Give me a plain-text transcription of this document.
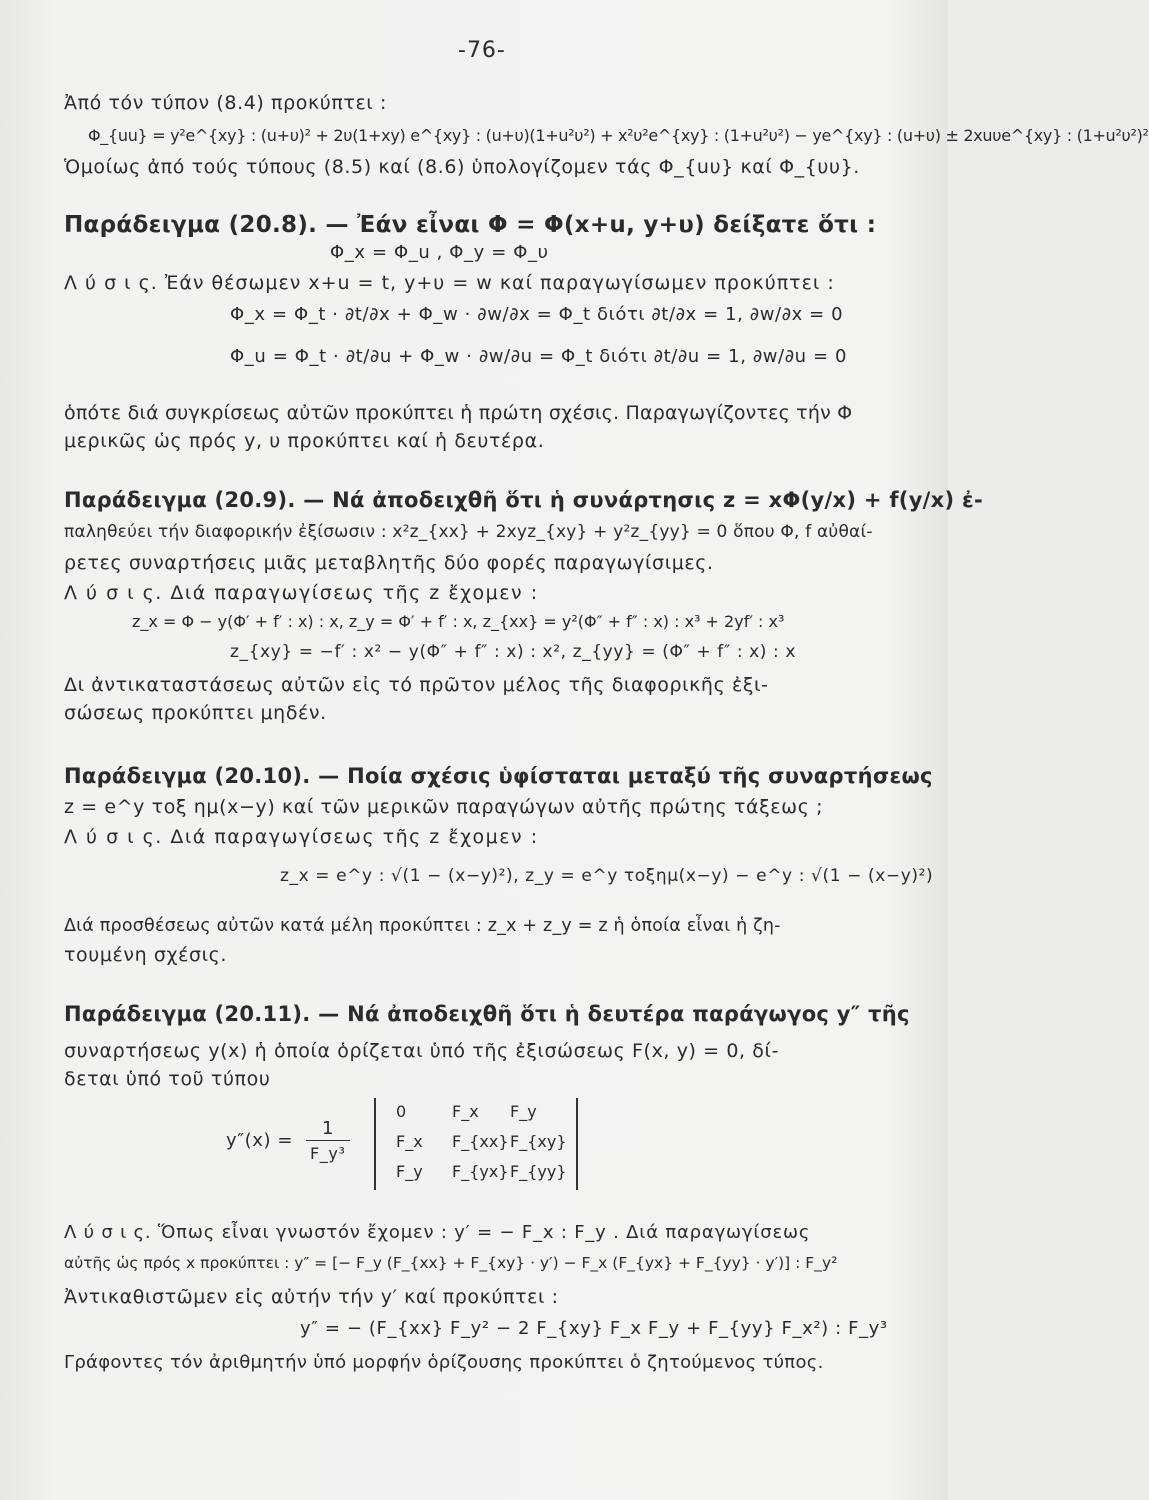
-76-
Ἀπό τόν τύπον (8.4) προκύπτει :
Φ_{uu} = y²e^{xy} : (u+υ)² + 2υ(1+xy) e^{xy} : (u+υ)(1+u²υ²) + x²υ²e^{xy} : (1+u²υ²) − ye^{xy} : (u+υ) ± 2xuυe^{xy} : (1+u²υ²)²
Ὁμοίως ἀπό τούς τύπους (8.5) καί (8.6) ὑπολογίζομεν τάς Φ_{uυ} καί Φ_{υυ}.
Παράδειγμα (20.8). — Ἐάν εἶναι Φ = Φ(x+u, y+υ) δείξατε ὅτι :
Φ_x = Φ_u , Φ_y = Φ_υ
Λ ύ σ ι ς. Ἐάν θέσωμεν x+u = t, y+υ = w καί παραγωγίσωμεν προκύπτει :
Φ_x = Φ_t · ∂t/∂x + Φ_w · ∂w/∂x = Φ_t διότι ∂t/∂x = 1, ∂w/∂x = 0
Φ_u = Φ_t · ∂t/∂u + Φ_w · ∂w/∂u = Φ_t διότι ∂t/∂u = 1, ∂w/∂u = 0
ὁπότε διά συγκρίσεως αὐτῶν προκύπτει ἡ πρώτη σχέσις. Παραγωγίζοντες τήν Φ
μερικῶς ὡς πρός y, υ προκύπτει καί ἡ δευτέρα.
Παράδειγμα (20.9). — Νά ἀποδειχθῆ ὅτι ἡ συνάρτησις z = xΦ(y/x) + f(y/x) ἐ-
παληθεύει τήν διαφορικήν ἐξίσωσιν : x²z_{xx} + 2xyz_{xy} + y²z_{yy} = 0 ὅπου Φ, f αὐθαί-
ρετες συναρτήσεις μιᾶς μεταβλητῆς δύο φορές παραγωγίσιμες.
Λ ύ σ ι ς. Διά παραγωγίσεως τῆς z ἔχομεν :
z_x = Φ − y(Φ′ + f′ : x) : x, z_y = Φ′ + f′ : x, z_{xx} = y²(Φ″ + f″ : x) : x³ + 2yf′ : x³
z_{xy} = −f′ : x² − y(Φ″ + f″ : x) : x², z_{yy} = (Φ″ + f″ : x) : x
Δι ἀντικαταστάσεως αὐτῶν εἰς τό πρῶτον μέλος τῆς διαφορικῆς ἐξι-
σώσεως προκύπτει μηδέν.
Παράδειγμα (20.10). — Ποία σχέσις ὑφίσταται μεταξύ τῆς συναρτήσεως
z = e^y τοξ ημ(x−y) καί τῶν μερικῶν παραγώγων αὐτῆς πρώτης τάξεως ;
Λ ύ σ ι ς. Διά παραγωγίσεως τῆς z ἔχομεν :
z_x = e^y : √(1 − (x−y)²), z_y = e^y τοξημ(x−y) − e^y : √(1 − (x−y)²)
Διά προσθέσεως αὐτῶν κατά μέλη προκύπτει : z_x + z_y = z ἡ ὁποία εἶναι ἡ ζη-
τουμένη σχέσις.
Παράδειγμα (20.11). — Νά ἀποδειχθῆ ὅτι ἡ δευτέρα παράγωγος y″ τῆς
συναρτήσεως y(x) ἡ ὁποία ὁρίζεται ὑπό τῆς ἐξισώσεως F(x, y) = 0, δί-
δεται ὑπό τοῦ τύπου
y″(x) =
1
F_y³
0	F_x F_y
F_x F_{xx} F_{xy}
F_y F_{yx} F_{yy}
Λ ύ σ ι ς. Ὅπως εἶναι γνωστόν ἔχομεν : y′ = − F_x : F_y . Διά παραγωγίσεως
αὐτῆς ὡς πρός x προκύπτει : y″ = [− F_y (F_{xx} + F_{xy} · y′) − F_x (F_{yx} + F_{yy} · y′)] : F_y²
Ἀντικαθιστῶμεν εἰς αὐτήν τήν y′ καί προκύπτει :
y″ = − (F_{xx} F_y² − 2 F_{xy} F_x F_y + F_{yy} F_x²) : F_y³
Γράφοντες τόν ἀριθμητήν ὑπό μορφήν ὁρίζουσης προκύπτει ὁ ζητούμενος τύπος.
